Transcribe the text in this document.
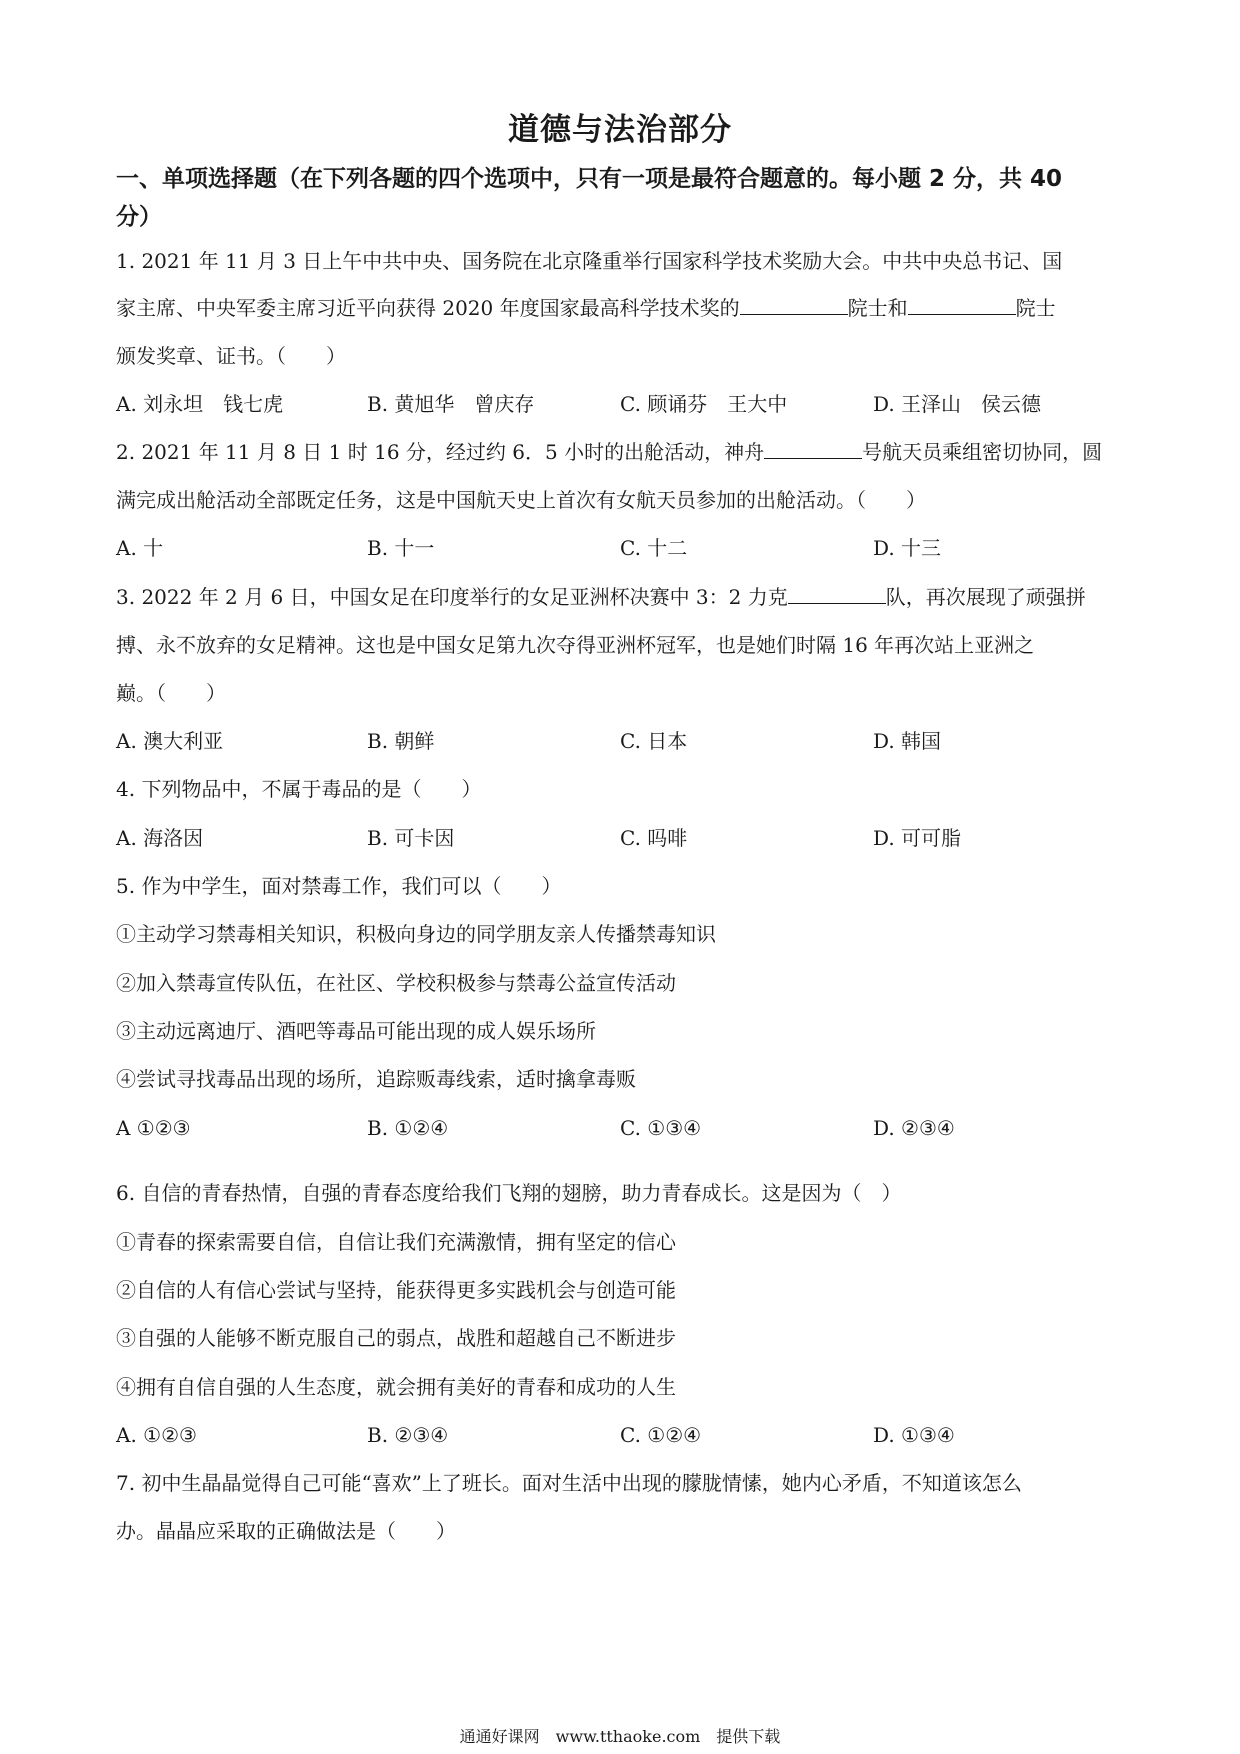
道德与法治部分
一、单项选择题（在下列各题的四个选项中，只有一项是最符合题意的。每小题 2 分，共 40
分）
1. 2021 年 11 月 3 日上午中共中央、国务院在北京隆重举行国家科学技术奖励大会。中共中央总书记、国
家主席、中央军委主席习近平向获得 2020 年度国家最高科学技术奖的	院士和	院士
颁发奖章、证书。（　　）
A. 刘永坦　钱七虎	B. 黄旭华　曾庆存	C. 顾诵芬　王大中	D. 王泽山　侯云德
2. 2021 年 11 月 8 日 1 时 16 分，经过约 6．5 小时的出舱活动，神舟	号航天员乘组密切协同，圆
满完成出舱活动全部既定任务，这是中国航天史上首次有女航天员参加的出舱活动。（　　）
A. 十	B. 十一	C. 十二	D. 十三
3. 2022 年 2 月 6 日，中国女足在印度举行的女足亚洲杯决赛中 3：2 力克	队，再次展现了顽强拼
搏、永不放弃的女足精神。这也是中国女足第九次夺得亚洲杯冠军，也是她们时隔 16 年再次站上亚洲之
巅。（　　）
A. 澳大利亚	B. 朝鲜	C. 日本	D. 韩国
4. 下列物品中，不属于毒品的是（　　）
A. 海洛因	B. 可卡因	C. 吗啡	D. 可可脂
5. 作为中学生，面对禁毒工作，我们可以（　　）
①主动学习禁毒相关知识，积极向身边的同学朋友亲人传播禁毒知识
②加入禁毒宣传队伍，在社区、学校积极参与禁毒公益宣传活动
③主动远离迪厅、酒吧等毒品可能出现的成人娱乐场所
④尝试寻找毒品出现的场所，追踪贩毒线索，适时擒拿毒贩
A ①②③	B. ①②④	C. ①③④	D. ②③④
6. 自信的青春热情，自强的青春态度给我们飞翔的翅膀，助力青春成长。这是因为（　）
①青春的探索需要自信，自信让我们充满激情，拥有坚定的信心
②自信的人有信心尝试与坚持，能获得更多实践机会与创造可能
③自强的人能够不断克服自己的弱点，战胜和超越自己不断进步
④拥有自信自强的人生态度，就会拥有美好的青春和成功的人生
A. ①②③	B. ②③④	C. ①②④	D. ①③④
7. 初中生晶晶觉得自己可能“喜欢”上了班长。面对生活中出现的朦胧情愫，她内心矛盾，不知道该怎么
办。晶晶应采取的正确做法是（　　）
通通好课网　www.tthaoke.com　提供下载
